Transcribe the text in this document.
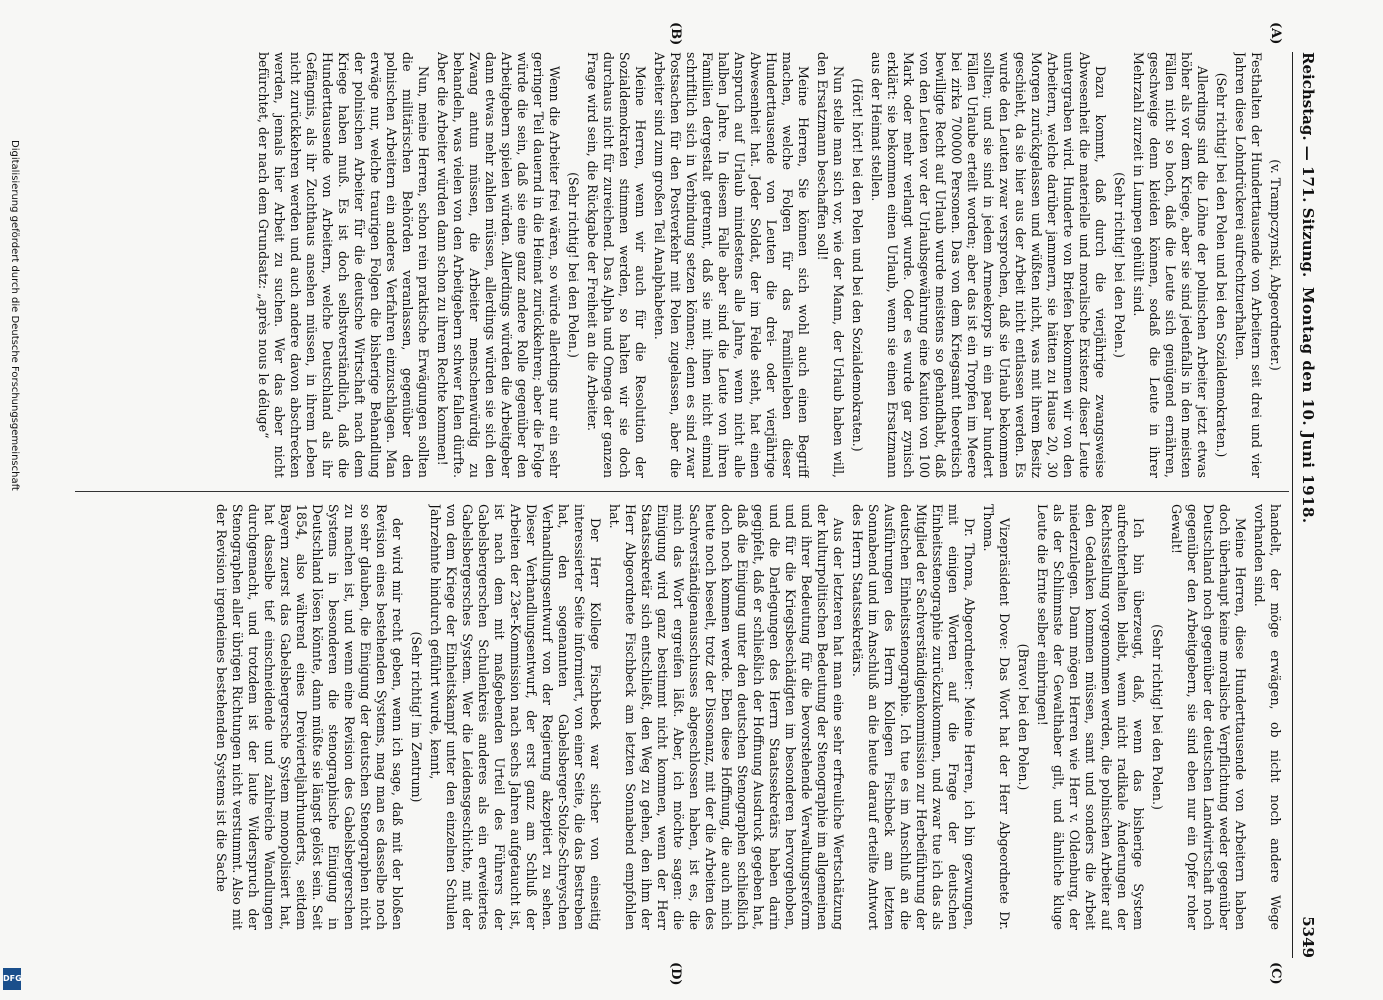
Digitalisierung gefördert durch die Deutsche Forschungsgemeinschaft
DFG
Reichstag. — 171. Sitzung.
Montag den 10. Juni 1918.
5349
(A)
(B)
(C)
(D)

(v. Trampczynski, Abgeordneter.)

Festhalten der Hunderttausende von Arbeitern seit drei und vier Jahren diese Lohndrückerei aufrechtzuerhalten.

(Sehr richtig! bei den Polen und bei den Sozialdemokraten.)

Allerdings sind die Löhne der polnischen Arbeiter jetzt etwas höher als vor dem Kriege, aber sie sind jedenfalls in den meisten Fällen nicht so hoch, daß die Leute sich genügend ernähren, geschweige denn kleiden können, sodaß die Leute in ihrer Mehrzahl zurzeit in Lumpen gehüllt sind.

(Sehr richtig! bei den Polen.)

Dazu kommt, daß durch die vierjährige zwangsweise Abwesenheit die materielle und moralische Existenz dieser Leute untergraben wird. Hunderte von Briefen bekommen wir von den Arbeitern, welche darüber jammern, sie hätten zu Hause 20, 30 Morgen zurückgelassen und wüßten nicht, was mit ihrem Besitz geschieht, da sie hier aus der Arbeit nicht entlassen werden. Es wurde den Leuten zwar versprochen, daß sie Urlaub bekommen sollten; und sie sind in jedem Armeekorps in ein paar hundert Fällen Urlaube erteilt worden; aber das ist ein Tropfen im Meere bei zirka 700000 Personen. Das von dem Kriegsamt theoretisch bewilligte Recht auf Urlaub wurde meistens so gehandhabt, daß von den Leuten vor der Urlaubsgewährung eine Kaution von 100 Mark oder mehr verlangt wurde. Oder es wurde gar zynisch erklärt: sie bekommen einen Urlaub, wenn sie einen Ersatzmann aus der Heimat stellen.

(Hört! hört! bei den Polen und bei den Sozialdemokraten.)

Nun stelle man sich vor, wie der Mann, der Urlaub haben will, den Ersatzmann beschaffen soll!

Meine Herren, Sie können sich wohl auch einen Begriff machen, welche Folgen für das Familienleben dieser Hunderttausende von Leuten die drei- oder vierjährige Abwesenheit hat. Jeder Soldat, der im Felde steht, hat einen Anspruch auf Urlaub mindestens alle Jahre, wenn nicht alle halben Jahre. In diesem Falle aber sind die Leute von ihren Familien dergestalt getrennt, daß sie mit ihnen nicht einmal schriftlich sich in Verbindung setzen können; denn es sind zwar Postsachen für den Postverkehr mit Polen zugelassen, aber die Arbeiter sind zum großen Teil Analphabeten.

Meine Herren, wenn wir auch für die Resolution der Sozialdemokraten stimmen werden, so halten wir sie doch durchaus nicht für zureichend. Das Alpha und Omega der ganzen Frage wird sein, die Rückgabe der Freiheit an die Arbeiter.

(Sehr richtig! bei den Polen.)

Wenn die Arbeiter frei wären, so würde allerdings nur ein sehr geringer Teil dauernd in die Heimat zurückkehren; aber die Folge würde die sein, daß sie eine ganz andere Rolle gegenüber den Arbeitgebern spielen würden. Allerdings würden die Arbeitgeber dann etwas mehr zahlen müssen, allerdings würden sie sich den Zwang antun müssen, die Arbeiter menschenwürdig zu behandeln, was vielen von den Arbeitgebern schwer fallen dürfte. Aber die Arbeiter würden dann schon zu ihrem Rechte kommen!

Nun, meine Herren, schon rein praktische Erwägungen sollten die militärischen Behörden veranlassen, gegenüber den polnischen Arbeitern ein anderes Verfahren einzuschlagen. Man erwäge nur, welche traurigen Folgen die bisherige Behandlung der polnischen Arbeiter für die deutsche Wirtschaft nach dem Kriege haben muß. Es ist doch selbstverständlich, daß die Hunderttausende von Arbeitern, welche Deutschland als ihr Gefängnis, als ihr Zuchthaus ansehen müssen, in ihrem Leben nicht zurückkehren werden und auch andere davon abschrecken werden, jemals hier Arbeit zu suchen. Wer das aber nicht befürchtet, der nach dem Grundsatz: „après nous le déluge“

handelt, der möge erwägen, ob nicht noch andere Wege vorhanden sind.

Meine Herren, diese Hunderttausende von Arbeitern haben doch überhaupt keine moralische Verpflichtung weder gegenüber Deutschland noch gegenüber der deutschen Landwirtschaft noch gegenüber den Arbeitgebern, sie sind eben nur ein Opfer roher Gewalt!

(Sehr richtig! bei den Polen.)

Ich bin überzeugt, daß, wenn das bisherige System aufrechterhalten bleibt, wenn nicht radikale Änderungen der Rechtsstellung vorgenommen werden, die polnischen Arbeiter auf den Gedanken kommen müssen, samt und sonders die Arbeit niederzulegen. Dann mögen Herren wie Herr v. Oldenburg, der als der Schlimmste der Gewalthaber gilt, und ähnliche kluge Leute die Ernte selber einbringen!

(Bravo! bei den Polen.)

Vizepräsident Dove: Das Wort hat der Herr Abgeordnete Dr. Thoma.

Dr. Thoma, Abgeordneter: Meine Herren, ich bin gezwungen, mit einigen Worten auf die Frage der deutschen Einheitsstenographie zurückzukommen, und zwar tue ich das als Mitglied der Sachverständigenkommission zur Herbeiführung der deutschen Einheitsstenographie. Ich tue es im Anschluß an die Ausführungen des Herrn Kollegen Fischbeck am letzten Sonnabend und im Anschluß an die heute darauf erteilte Antwort des Herrn Staatssekretärs.

Aus der letzteren hat man eine sehr erfreuliche Wertschätzung der kulturpolitischen Bedeutung der Stenographie im allgemeinen und ihrer Bedeutung für die bevorstehende Verwaltungsreform und für die Kriegsbeschädigten im besonderen hervorgehoben, und die Darlegungen des Herrn Staatssekretärs haben darin gegipfelt, daß er schließlich der Hoffnung Ausdruck gegeben hat, daß die Einigung unter den deutschen Stenographen schließlich doch noch kommen werde. Eben diese Hoffnung, die auch mich heute noch beseelt, trotz der Dissonanz, mit der die Arbeiten des Sachverständigenausschusses abgeschlossen haben, ist es, die mich das Wort ergreifen läßt. Aber, ich möchte sagen: die Einigung wird ganz bestimmt nicht kommen, wenn der Herr Staatssekretär sich entschließt, den Weg zu gehen, den ihm der Herr Abgeordnete Fischbeck am letzten Sonnabend empfohlen hat.

Der Herr Kollege Fischbeck war sicher von einseitig interessierter Seite informiert, von einer Seite, die das Bestreben hat, den sogenannten Gabelsberger-Stolze-Schreyschen Verhandlungsentwurf von der Regierung akzeptiert zu sehen. Dieser Verhandlungsentwurf, der erst ganz am Schluß der Arbeiten der 23er-Kommission nach sechs Jahren aufgetaucht ist, ist nach dem mit maßgebenden Urteil des Führers der Gabelsbergerschen Schulenkreis anderes als ein erweitertes Gabelsbergersches System. Wer die Leidensgeschichte, mit der von dem Kriege der Einheitskampf unter den einzelnen Schulen Jahrzehnte hindurch geführt wurde, kennt,

(Sehr richtig! im Zentrum)

der wird mir recht geben, wenn ich sage, daß mit der bloßen Revision eines bestehenden Systems, mag man es dasselbe noch so sehr glauben, die Einigung der deutschen Stenographen nicht zu machen ist, und wenn eine Revision des Gabelsbergerschen Systems in besonderen die stenographische Einigung in Deutschland lösen könnte, dann müßte sie längst gelöst sein. Seit 1854, also während eines Dreivierteljahrhunderts, seitdem Bayern zuerst das Gabelsbergersche System monopolisiert hat, hat dasselbe tief einschneidende und zahlreiche Wandlungen durchgemacht, und trotzdem ist der laute Widerspruch der Stenographen aller übrigen Richtungen nicht verstummt. Also mit der Revision irgendeines bestehenden Systems ist die Sache
